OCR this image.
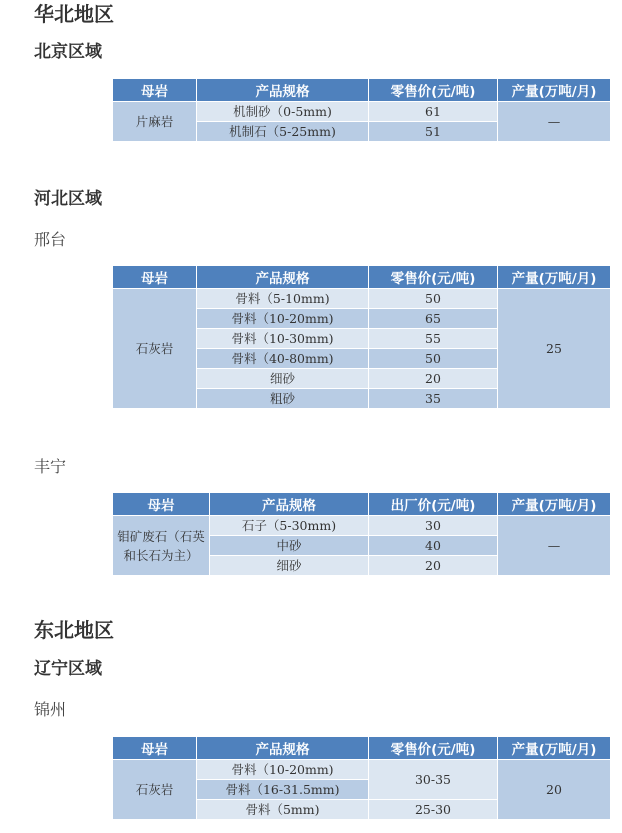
华北地区
北京区域
母岩	产品规格	零售价(元/吨)	产量(万吨/月)
片麻岩	机制砂（0-5mm)	61	—
	机制石（5-25mm)	51	
河北区域
邢台
母岩	产品规格	零售价(元/吨)	产量(万吨/月)
石灰岩	骨料（5-10mm)	50	25
	骨料（10-20mm)	65	
	骨料（10-30mm)	55	
	骨料（40-80mm)	50	
	细砂	20	
	粗砂	35	
丰宁
母岩	产品规格	出厂价(元/吨)	产量(万吨/月)
钼矿废石（石英和长石为主）	石子（5-30mm)	30	—
	中砂	40	
	细砂	20	
东北地区
辽宁区域
锦州
母岩	产品规格	零售价(元/吨)	产量(万吨/月)
石灰岩	骨料（10-20mm)	30-35	20
	骨料（16-31.5mm)		
	骨料（5mm)	25-30	
